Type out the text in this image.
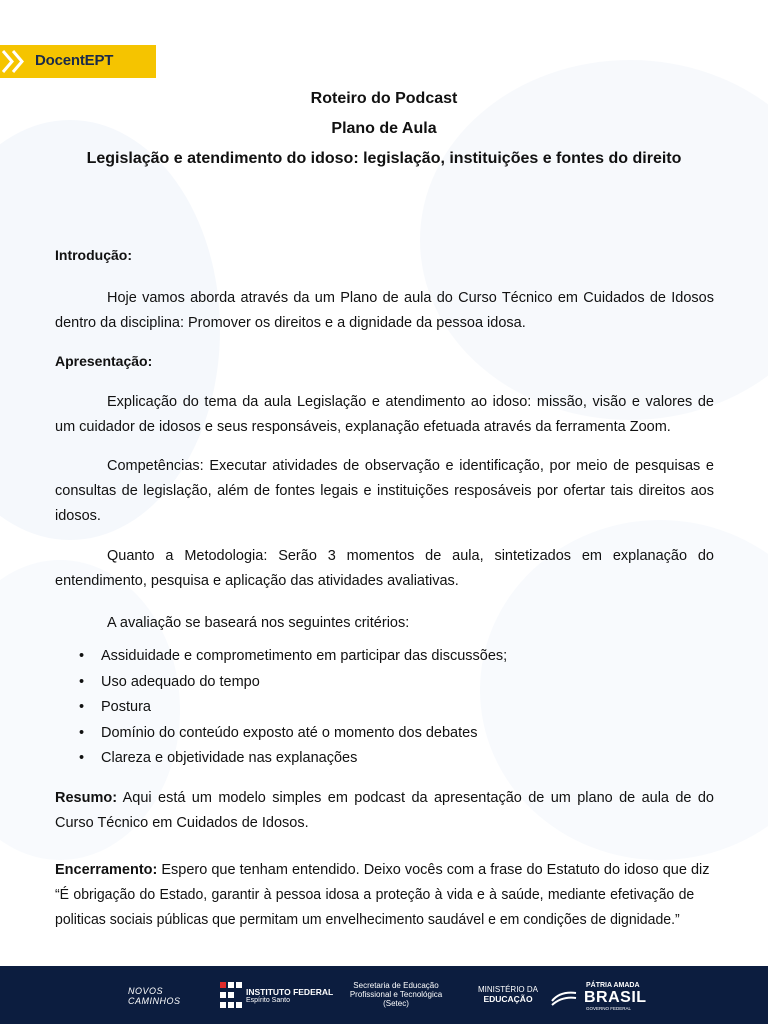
DocentEPT
Roteiro do Podcast
Plano de Aula
Legislação e atendimento do idoso: legislação, instituições e fontes do direito
Introdução:
Hoje vamos aborda através da um Plano de aula do Curso Técnico em Cuidados de Idosos dentro da disciplina: Promover os direitos e a dignidade da pessoa idosa.
Apresentação:
Explicação do tema da aula Legislação e atendimento ao idoso: missão, visão e valores de um cuidador de idosos e seus responsáveis, explanação efetuada através da ferramenta Zoom.
Competências: Executar atividades de observação e identificação, por meio de pesquisas e consultas de legislação, além de fontes legais e instituições resposáveis por ofertar tais direitos aos idosos.
Quanto a Metodologia: Serão 3 momentos de aula, sintetizados em explanação do entendimento, pesquisa e aplicação das atividades avaliativas.
A avaliação se baseará nos seguintes critérios:
• Assiduidade e comprometimento em participar das discussões;
• Uso adequado do tempo
• Postura
• Domínio do conteúdo exposto até o momento dos debates
• Clareza e objetividade nas explanações
Resumo: Aqui está um modelo simples em podcast da apresentação de um plano de aula de do Curso Técnico em Cuidados de Idosos.
Encerramento: Espero que tenham entendido. Deixo vocês com a frase do Estatuto do idoso que diz
“É obrigação do Estado, garantir à pessoa idosa a proteção à vida e à saúde, mediante efetivação de politicas sociais públicas que permitam um envelhecimento saudável e em condições de dignidade.”
NOVOS CAMINHOS
INSTITUTO FEDERAL
Espírito Santo
Secretaria de Educação
Profissional e Tecnológica
(Setec)
MINISTÉRIO DA
EDUCAÇÃO
PÁTRIA AMADA
BRASIL
GOVERNO FEDERAL
